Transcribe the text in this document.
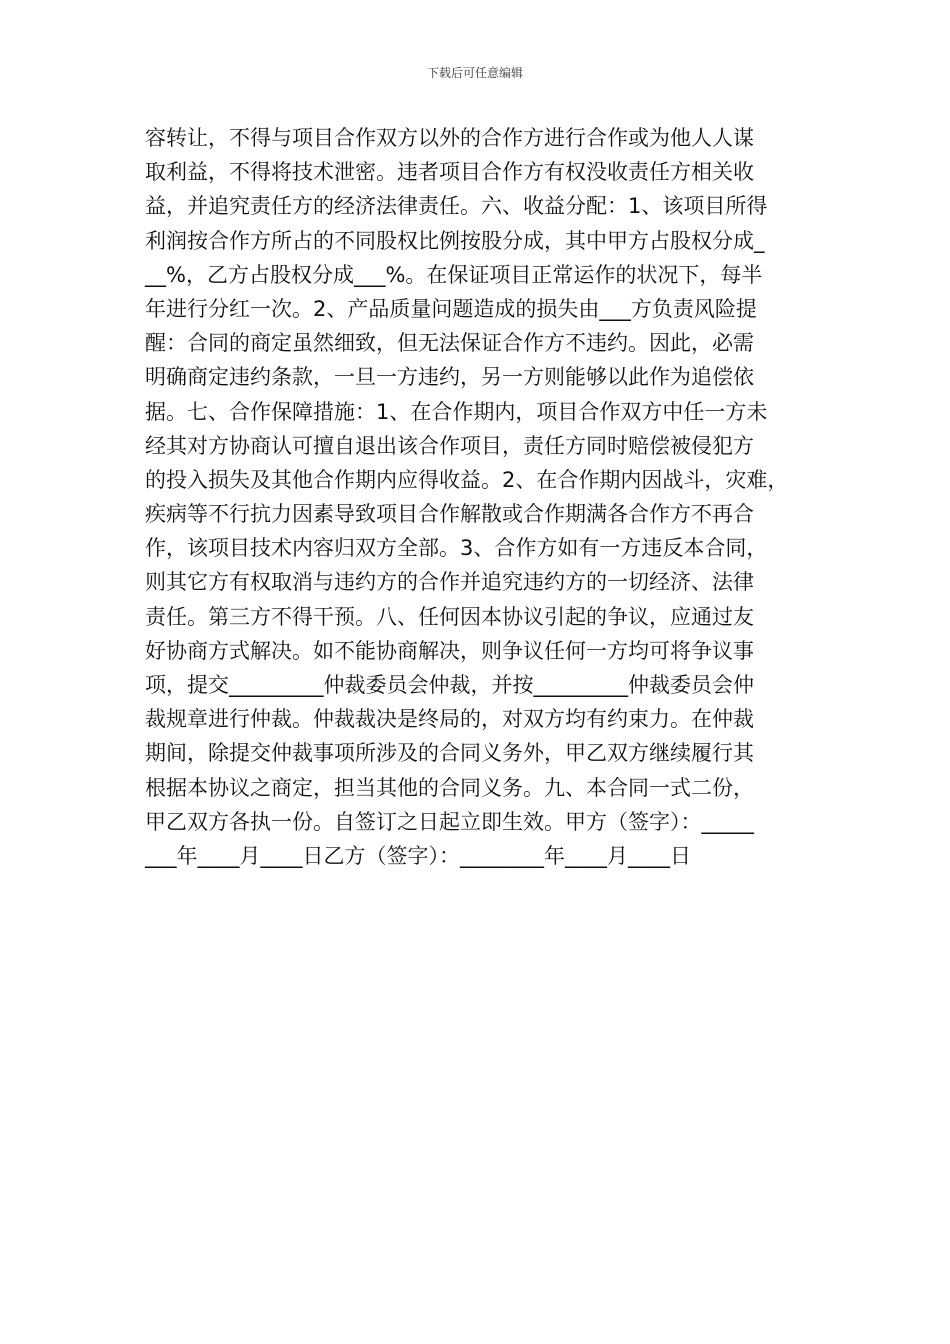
下载后可任意编辑
容转让，不得与项目合作双方以外的合作方进行合作或为他人人谋
取利益，不得将技术泄密。违者项目合作方有权没收责任方相关收
益，并追究责任方的经济法律责任。六、收益分配：1、该项目所得
利润按合作方所占的不同股权比例按股分成，其中甲方占股权分成_
__%，乙方占股权分成___%。在保证项目正常运作的状况下，每半
年进行分红一次。2、产品质量问题造成的损失由___方负责风险提
醒：合同的商定虽然细致，但无法保证合作方不违约。因此，必需
明确商定违约条款，一旦一方违约，另一方则能够以此作为追偿依
据。七、合作保障措施：1、在合作期内，项目合作双方中任一方未
经其对方协商认可擅自退出该合作项目，责任方同时赔偿被侵犯方
的投入损失及其他合作期内应得收益。2、在合作期内因战斗，灾难，
疾病等不行抗力因素导致项目合作解散或合作期满各合作方不再合
作，该项目技术内容归双方全部。3、合作方如有一方违反本合同，
则其它方有权取消与违约方的合作并追究违约方的一切经济、法律
责任。第三方不得干预。八、任何因本协议引起的争议，应通过友
好协商方式解决。如不能协商解决，则争议任何一方均可将争议事
项，提交_________仲裁委员会仲裁，并按_________仲裁委员会仲
裁规章进行仲裁。仲裁裁决是终局的，对双方均有约束力。在仲裁
期间，除提交仲裁事项所涉及的合同义务外，甲乙双方继续履行其
根据本协议之商定，担当其他的合同义务。九、本合同一式二份，
甲乙双方各执一份。自签订之日起立即生效。甲方（签字）：_____
___年____月____日乙方（签字）：________年____月____日
